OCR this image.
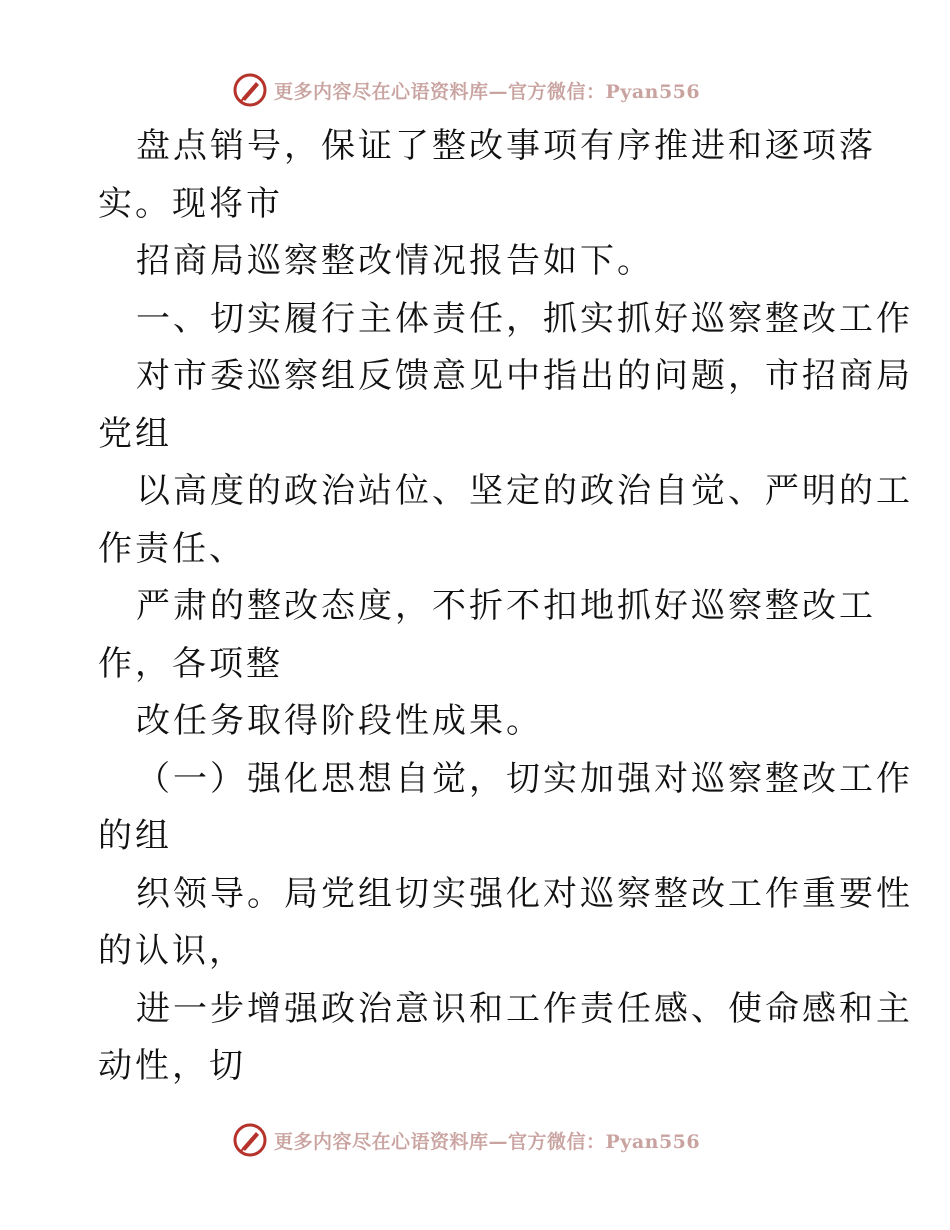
更多内容尽在心语资料库—官方微信：Pyan556
盘点销号，保证了整改事项有序推进和逐项落
实。现将市
招商局巡察整改情况报告如下。
一、切实履行主体责任，抓实抓好巡察整改工作
对市委巡察组反馈意见中指出的问题，市招商局
党组
以高度的政治站位、坚定的政治自觉、严明的工
作责任、
严肃的整改态度，不折不扣地抓好巡察整改工
作，各项整
改任务取得阶段性成果。
（一）强化思想自觉，切实加强对巡察整改工作
的组
织领导。局党组切实强化对巡察整改工作重要性
的认识，
进一步增强政治意识和工作责任感、使命感和主
动性，切
更多内容尽在心语资料库—官方微信：Pyan556
